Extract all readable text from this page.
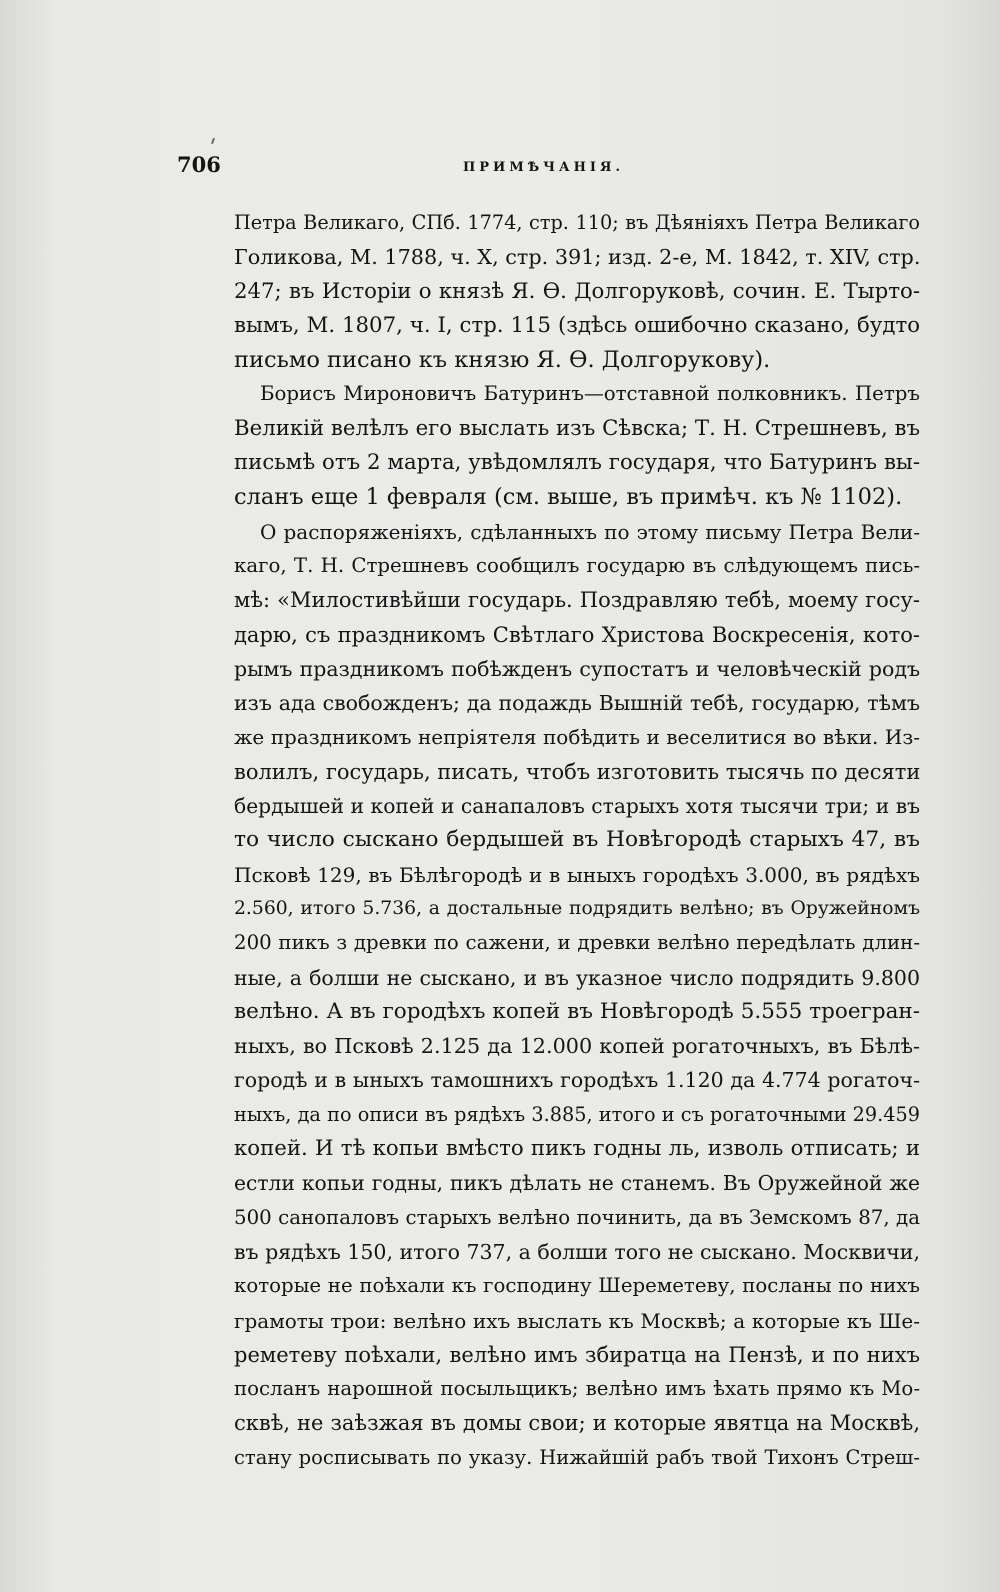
706	ПРИМѢЧАНІЯ.
Петра Великаго, СПб. 1774, стр. 110; въ Дѣяніяхъ Петра Великаго
Голикова, М. 1788, ч. X, стр. 391; изд. 2-е, М. 1842, т. XIV, стр.
247; въ Исторіи о князѣ Я. Ѳ. Долгоруковѣ, сочин. Е. Тырто-
вымъ, М. 1807, ч. I, стр. 115 (здѣсь ошибочно сказано, будто
письмо писано къ князю Я. Ѳ. Долгорукову).
Борисъ Мироновичъ Батуринъ—отставной полковникъ. Петръ
Великій велѣлъ его выслать изъ Сѣвска; Т. Н. Стрешневъ, въ
письмѣ отъ 2 марта, увѣдомлялъ государя, что Батуринъ вы-
сланъ еще 1 февраля (см. выше, въ примѣч. къ № 1102).
О распоряженіяхъ, сдѣланныхъ по этому письму Петра Вели-
каго, Т. Н. Стрешневъ сообщилъ государю въ слѣдующемъ пись-
мѣ: «Милостивѣйши государь. Поздравляю тебѣ, моему госу-
дарю, съ праздникомъ Свѣтлаго Христова Воскресенія, кото-
рымъ праздникомъ побѣжденъ супостатъ и человѣческій родъ
изъ ада свобожденъ; да подаждь Вышній тебѣ, государю, тѣмъ
же праздникомъ непріятеля побѣдить и веселитися во вѣки. Из-
волилъ, государь, писать, чтобъ изготовить тысячь по десяти
бердышей и копей и санапаловъ старыхъ хотя тысячи три; и въ
то число сыскано бердышей въ Новѣгородѣ старыхъ 47, въ
Псковѣ 129, въ Бѣлѣгородѣ и в ыныхъ городѣхъ 3.000, въ рядѣхъ
2.560, итого 5.736, а достальные подрядить велѣно; въ Оружейномъ
200 пикъ з древки по сажени, и древки велѣно передѣлать длин-
ные, а болши не сыскано, и въ указное число подрядить 9.800
велѣно. А въ городѣхъ копей въ Новѣгородѣ 5.555 троегран-
ныхъ, во Псковѣ 2.125 да 12.000 копей рогаточныхъ, въ Бѣлѣ-
городѣ и в ыныхъ тамошнихъ городѣхъ 1.120 да 4.774 рогаточ-
ныхъ, да по описи въ рядѣхъ 3.885, итого и съ рогаточными 29.459
копей. И тѣ копьи вмѣсто пикъ годны ль, изволь отписать; и
естли копьи годны, пикъ дѣлать не станемъ. Въ Оружейной же
500 санопаловъ старыхъ велѣно починить, да въ Земскомъ 87, да
въ рядѣхъ 150, итого 737, а болши того не сыскано. Москвичи,
которые не поѣхали къ господину Шереметеву, посланы по нихъ
грамоты трои: велѣно ихъ выслать къ Москвѣ; а которые къ Ше-
реметеву поѣхали, велѣно имъ збиратца на Пензѣ, и по нихъ
посланъ нарошной посыльщикъ; велѣно имъ ѣхать прямо къ Мо-
сквѣ, не заѣзжая въ домы свои; и которые явятца на Москвѣ,
стану росписывать по указу. Нижайшій рабъ твой Тихонъ Стреш-
